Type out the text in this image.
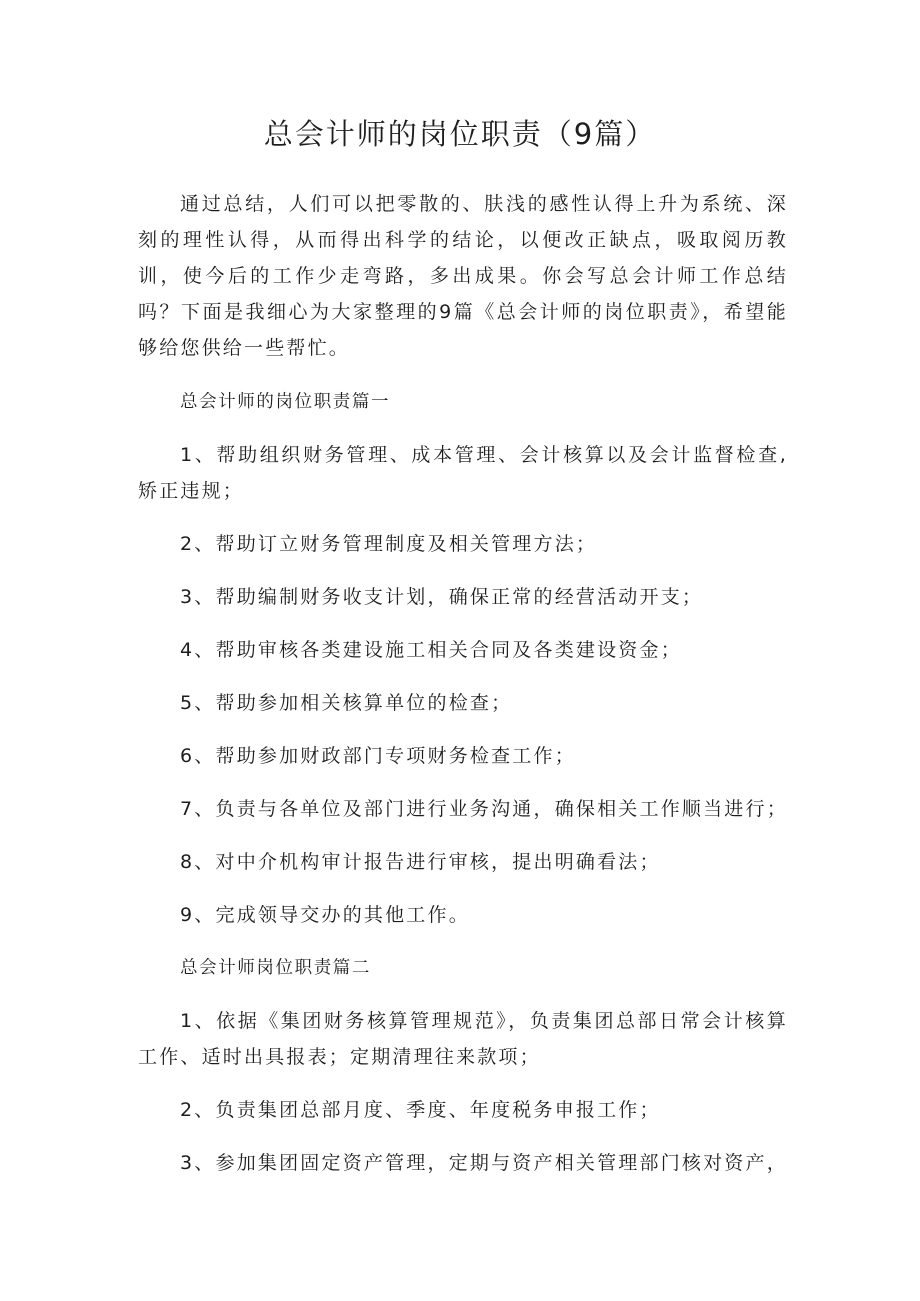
总会计师的岗位职责（9篇）

通过总结，人们可以把零散的、肤浅的感性认得上升为系统、深刻的理性认得，从而得出科学的结论，以便改正缺点，吸取阅历教训，使今后的工作少走弯路，多出成果。你会写总会计师工作总结吗？下面是我细心为大家整理的9篇《总会计师的岗位职责》，希望能够给您供给一些帮忙。

总会计师的岗位职责篇一

1、帮助组织财务管理、成本管理、会计核算以及会计监督检查,矫正违规；

2、帮助订立财务管理制度及相关管理方法；

3、帮助编制财务收支计划，确保正常的经营活动开支；

4、帮助审核各类建设施工相关合同及各类建设资金；

5、帮助参加相关核算单位的检查；

6、帮助参加财政部门专项财务检查工作；

7、负责与各单位及部门进行业务沟通，确保相关工作顺当进行；

8、对中介机构审计报告进行审核，提出明确看法；

9、完成领导交办的其他工作。

总会计师岗位职责篇二

1、依据《集团财务核算管理规范》，负责集团总部日常会计核算工作、适时出具报表；定期清理往来款项；

2、负责集团总部月度、季度、年度税务申报工作；

3、参加集团固定资产管理，定期与资产相关管理部门核对资产，
